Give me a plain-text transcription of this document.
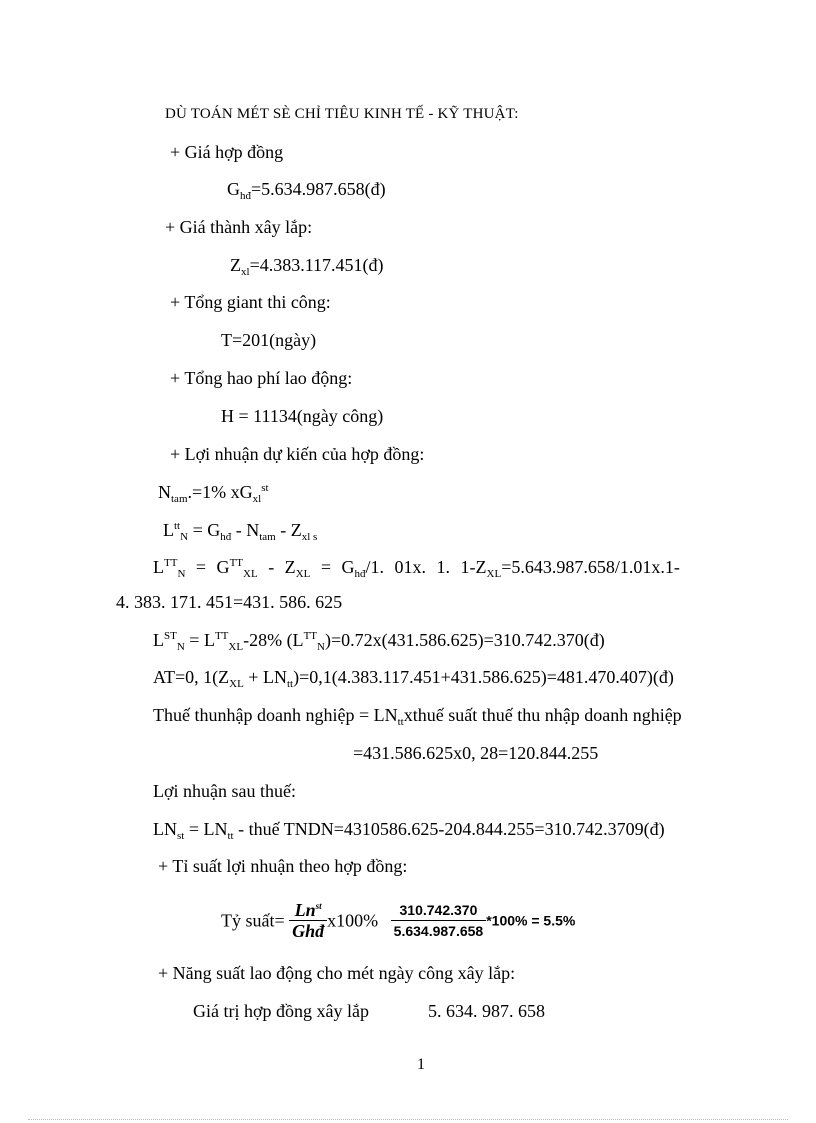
DÙ TOÁN MÉT SÈ CHỈ TIÊU KINH TẾ - KỸ THUẬT:
+ Giá hợp đồng
$G_{hđ}=5.634.987.658(đ)$
+ Giá thành xây lắp:
$Z_{xl}=4.383.117.451(đ)$
+ Tổng giant thi công:
T=201(ngày)
+ Tổng hao phí lao động:
H = 11134(ngày công)
+ Lợi nhuận dự kiến của hợp đồng:
$N_{tam}.=1\%$ $xG_{xl}^{st}$
$L^{tt}_N = G_{hđ} - N_{tam} - Z_{xl s}$
$L^{TT}_N = G^{TT}_{XL} - Z_{XL} = G_{hđ}/1$. 01x. 1. $1-Z_{XL}=5.643.987.658/1.01x.1-$
4. 383. 171. 451=431. 586. 625
$LST_N = L^{TT}_{XL}-28\%$ $(L^{TT}_N)=0.72x(431.586.625)=310.742.370(đ)$
AT=0, $1(Z_{XL}$ + $LN_{tt})=0,1(4.383.117.451+431.586.625)=481.470.407)(đ)$
Thuế thunhập doanh nghiệp = $LN_{tt}xthuế$ suất thuế thu nhập doanh nghiệp
=431.586.625x0, 28=120.844.255
Lợi nhuận sau thuế:
$LN_{st} = LN_{tt}$ - thuế TNDN=4310586.625-204.844.255=310.742.3709(đ)
+ Tỉ suất lợi nhuận theo hợp đồng:
Tỷ suất= $\frac{Ln^{st}}{\text{Ghđ}} x100\% \frac{310.742.370}{5.634.987.658} *100\% = 5.5\%$
+ Năng suất lao động cho mét ngày công xây lắp:
Giá trị hợp đồng xây lắp	5. 634. 987. 658
1
